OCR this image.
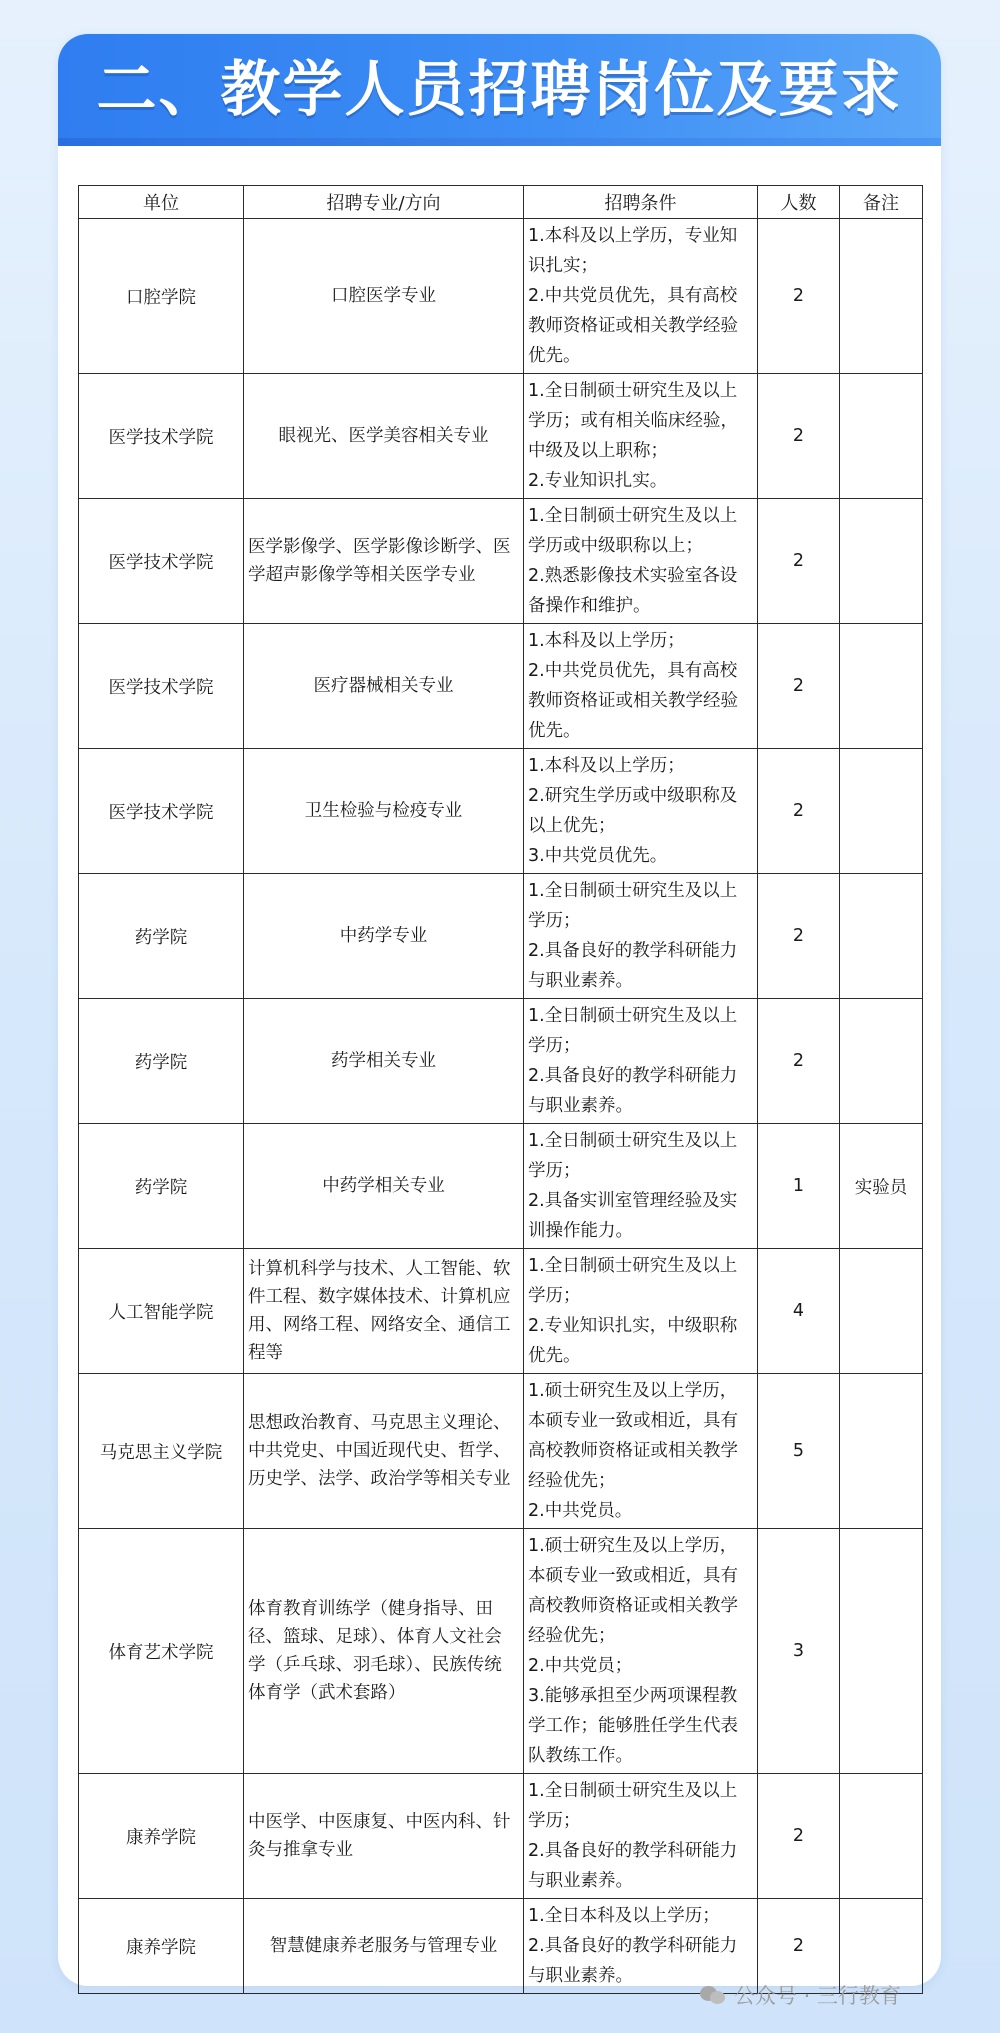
二、教学人员招聘岗位及要求
单位	招聘专业/方向	招聘条件	人数	备注
口腔学院	口腔医学专业	1.本科及以上学历，专业知识扎实；
2.中共党员优先，具有高校教师资格证或相关教学经验优先。	2	
医学技术学院	眼视光、医学美容相关专业	1.全日制硕士研究生及以上学历；或有相关临床经验，中级及以上职称；
2.专业知识扎实。	2	
医学技术学院	医学影像学、医学影像诊断学、医学超声影像学等相关医学专业	1.全日制硕士研究生及以上学历或中级职称以上；
2.熟悉影像技术实验室各设备操作和维护。	2	
医学技术学院	医疗器械相关专业	1.本科及以上学历；
2.中共党员优先，具有高校教师资格证或相关教学经验优先。	2	
医学技术学院	卫生检验与检疫专业	1.本科及以上学历；
2.研究生学历或中级职称及以上优先；
3.中共党员优先。	2	
药学院	中药学专业	1.全日制硕士研究生及以上学历；
2.具备良好的教学科研能力与职业素养。	2	
药学院	药学相关专业	1.全日制硕士研究生及以上学历；
2.具备良好的教学科研能力与职业素养。	2	
药学院	中药学相关专业	1.全日制硕士研究生及以上学历；
2.具备实训室管理经验及实训操作能力。	1	实验员
人工智能学院	计算机科学与技术、人工智能、软件工程、数字媒体技术、计算机应用、网络工程、网络安全、通信工程等	1.全日制硕士研究生及以上学历；
2.专业知识扎实，中级职称优先。	4	
马克思主义学院	思想政治教育、马克思主义理论、中共党史、中国近现代史、哲学、历史学、法学、政治学等相关专业	1.硕士研究生及以上学历，本硕专业一致或相近，具有高校教师资格证或相关教学经验优先；
2.中共党员。	5	
体育艺术学院	体育教育训练学（健身指导、田径、篮球、足球）、体育人文社会学（乒乓球、羽毛球）、民族传统体育学（武术套路）	1.硕士研究生及以上学历，本硕专业一致或相近，具有高校教师资格证或相关教学经验优先；
2.中共党员；
3.能够承担至少两项课程教学工作；能够胜任学生代表队教练工作。	3	
康养学院	中医学、中医康复、中医内科、针灸与推拿专业	1.全日制硕士研究生及以上学历；
2.具备良好的教学科研能力与职业素养。	2	
康养学院	智慧健康养老服务与管理专业	1.全日本科及以上学历；
2.具备良好的教学科研能力与职业素养。	2	
公众号 · 三行教育
